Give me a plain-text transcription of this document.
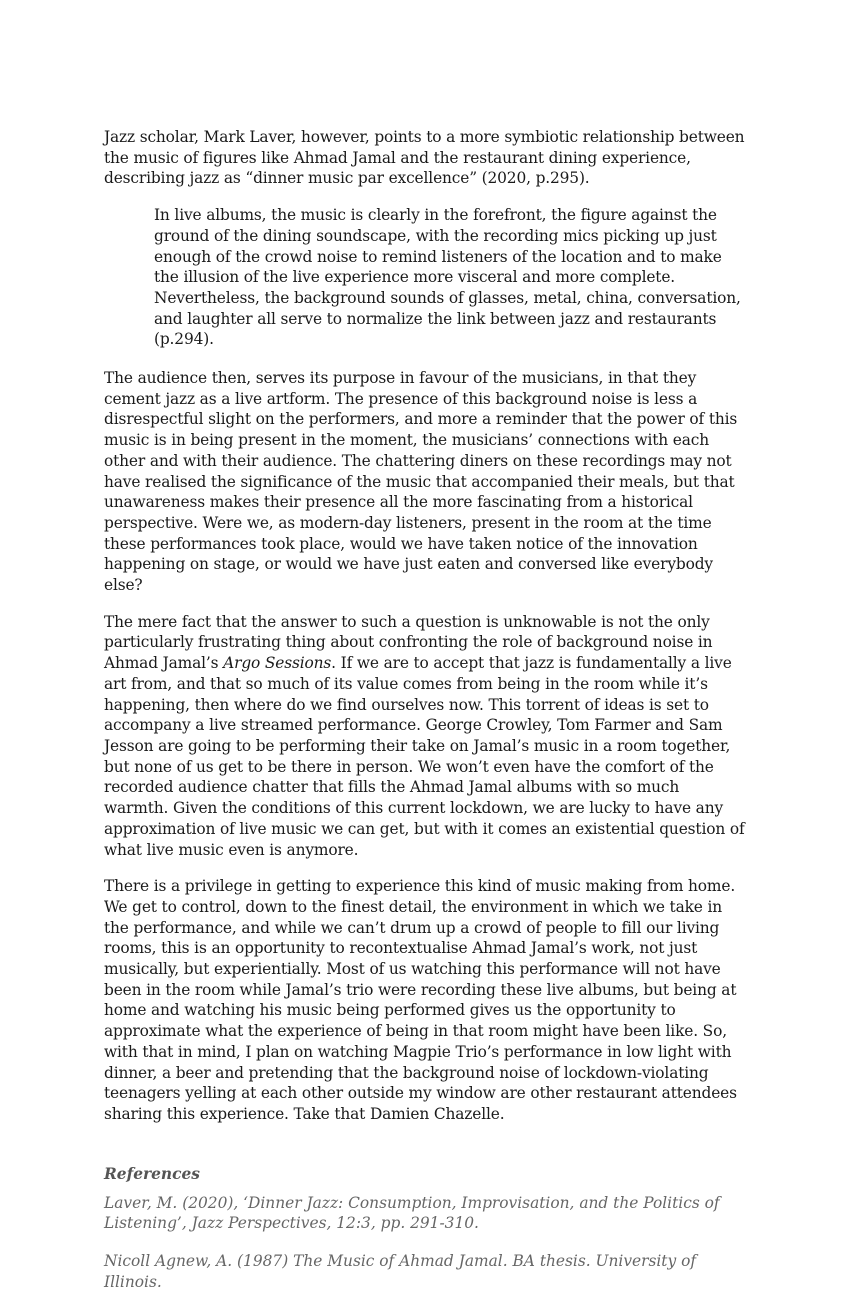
Jazz scholar, Mark Laver, however, points to a more symbiotic relationship between the music of figures like Ahmad Jamal and the restaurant dining experience, describing jazz as “dinner music par excellence” (2020, p.295).

In live albums, the music is clearly in the forefront, the figure against the ground of the dining soundscape, with the recording mics picking up just enough of the crowd noise to remind listeners of the location and to make the illusion of the live experience more visceral and more complete. Nevertheless, the background sounds of glasses, metal, china, conversation, and laughter all serve to normalize the link between jazz and restaurants (p.294).

The audience then, serves its purpose in favour of the musicians, in that they cement jazz as a live artform. The presence of this background noise is less a disrespectful slight on the performers, and more a reminder that the power of this music is in being present in the moment, the musicians’ connections with each other and with their audience. The chattering diners on these recordings may not have realised the significance of the music that accompanied their meals, but that unawareness makes their presence all the more fascinating from a historical perspective. Were we, as modern-day listeners, present in the room at the time these performances took place, would we have taken notice of the innovation happening on stage, or would we have just eaten and conversed like everybody else?

The mere fact that the answer to such a question is unknowable is not the only particularly frustrating thing about confronting the role of background noise in Ahmad Jamal’s Argo Sessions. If we are to accept that jazz is fundamentally a live art from, and that so much of its value comes from being in the room while it’s happening, then where do we find ourselves now. This torrent of ideas is set to accompany a live streamed performance. George Crowley, Tom Farmer and Sam Jesson are going to be performing their take on Jamal’s music in a room together, but none of us get to be there in person. We won’t even have the comfort of the recorded audience chatter that fills the Ahmad Jamal albums with so much warmth. Given the conditions of this current lockdown, we are lucky to have any approximation of live music we can get, but with it comes an existential question of what live music even is anymore.

There is a privilege in getting to experience this kind of music making from home. We get to control, down to the finest detail, the environment in which we take in the performance, and while we can’t drum up a crowd of people to fill our living rooms, this is an opportunity to recontextualise Ahmad Jamal’s work, not just musically, but experientially. Most of us watching this performance will not have been in the room while Jamal’s trio were recording these live albums, but being at home and watching his music being performed gives us the opportunity to approximate what the experience of being in that room might have been like. So, with that in mind, I plan on watching Magpie Trio’s performance in low light with dinner, a beer and pretending that the background noise of lockdown-violating teenagers yelling at each other outside my window are other restaurant attendees sharing this experience. Take that Damien Chazelle.

References

Laver, M. (2020), ‘Dinner Jazz: Consumption, Improvisation, and the Politics of Listening’, Jazz Perspectives, 12:3, pp. 291-310.

Nicoll Agnew, A. (1987) The Music of Ahmad Jamal. BA thesis. University of Illinois.
